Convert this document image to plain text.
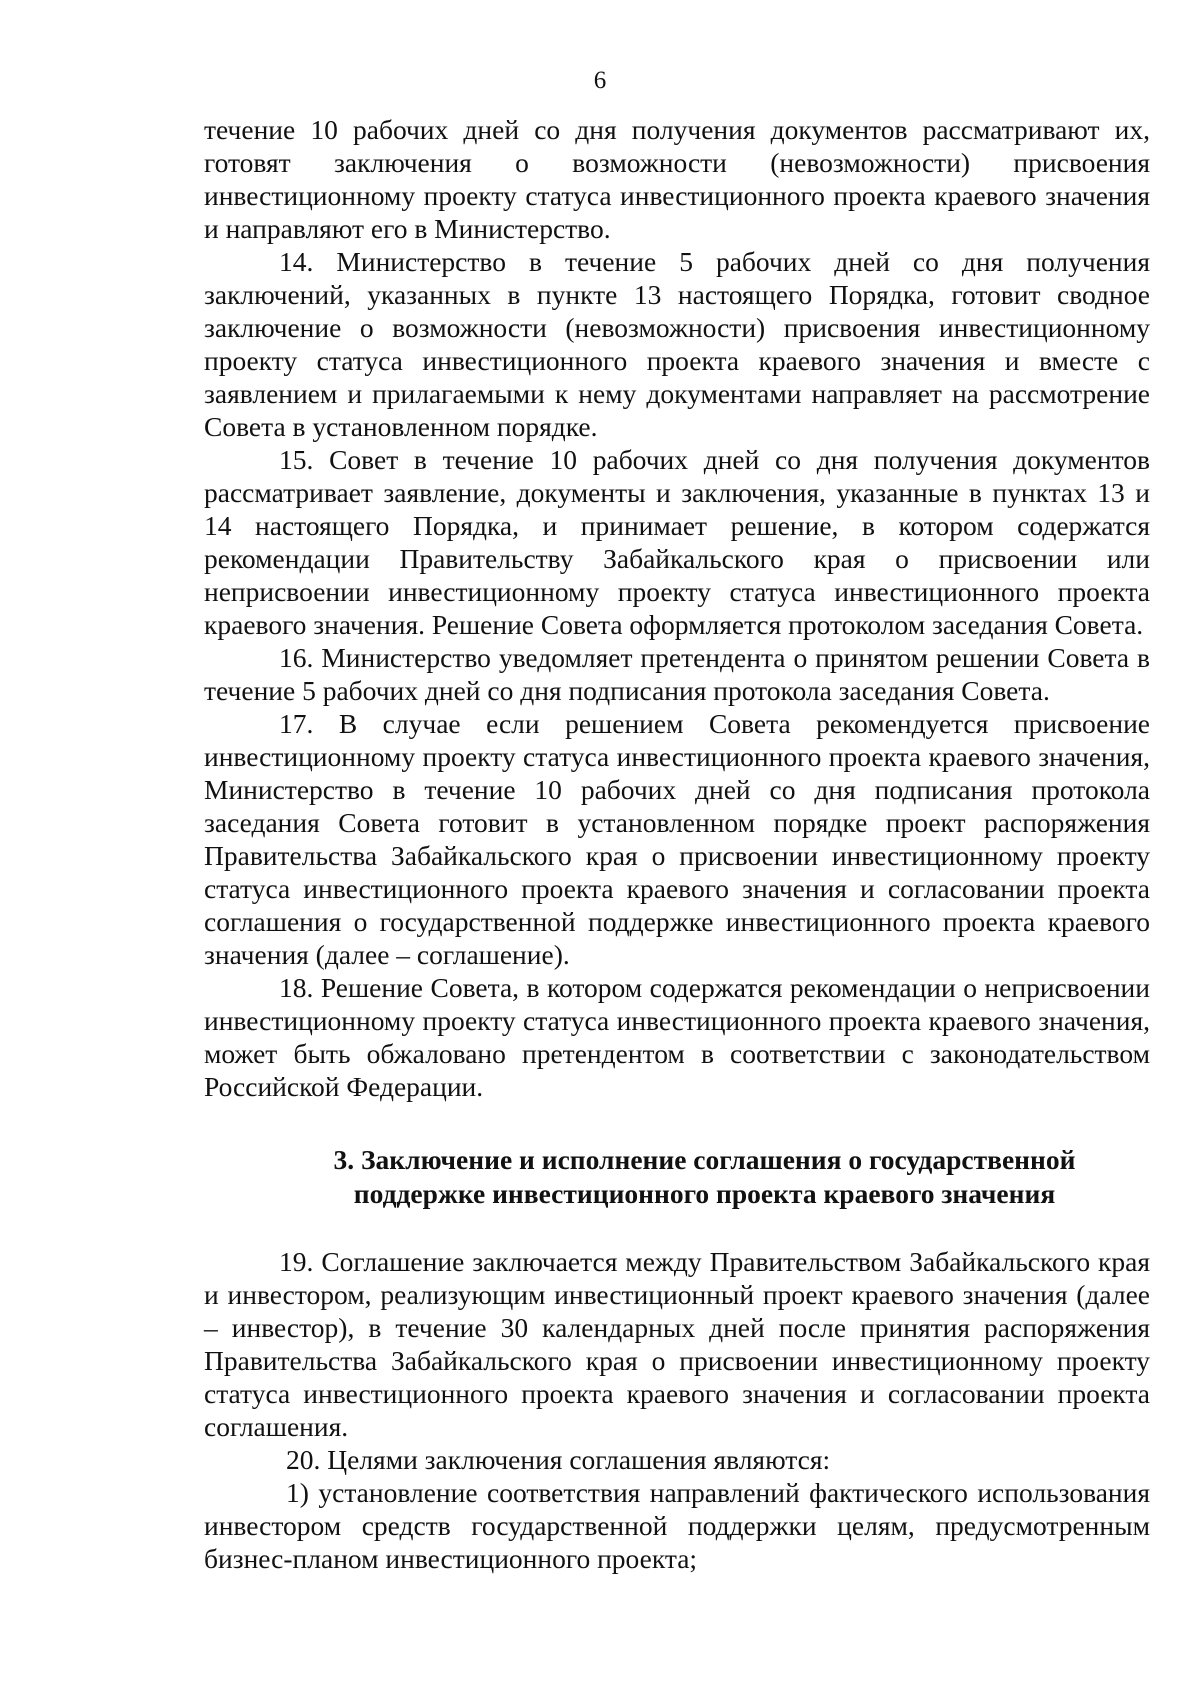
6

течение 10 рабочих дней со дня получения документов рассматривают их, готовят заключения о возможности (невозможности) присвоения инвестиционному проекту статуса инвестиционного проекта краевого значения и направляют его в Министерство.

14. Министерство в течение 5 рабочих дней со дня получения заключений, указанных в пункте 13 настоящего Порядка, готовит сводное заключение о возможности (невозможности) присвоения инвестиционному проекту статуса инвестиционного проекта краевого значения и вместе с заявлением и прилагаемыми к нему документами направляет на рассмотрение Совета в установленном порядке.

15. Совет в течение 10 рабочих дней со дня получения документов рассматривает заявление, документы и заключения, указанные в пунктах 13 и 14 настоящего Порядка, и принимает решение, в котором содержатся рекомендации Правительству Забайкальского края о присвоении или неприсвоении инвестиционному проекту статуса инвестиционного проекта краевого значения. Решение Совета оформляется протоколом заседания Совета.

16. Министерство уведомляет претендента о принятом решении Совета в течение 5 рабочих дней со дня подписания протокола заседания Совета.

17. В случае если решением Совета рекомендуется присвоение инвестиционному проекту статуса инвестиционного проекта краевого значения, Министерство в течение 10 рабочих дней со дня подписания протокола заседания Совета готовит в установленном порядке проект распоряжения Правительства Забайкальского края о присвоении инвестиционному проекту статуса инвестиционного проекта краевого значения и согласовании проекта соглашения о государственной поддержке инвестиционного проекта краевого значения (далее – соглашение).

18. Решение Совета, в котором содержатся рекомендации о неприсвоении инвестиционному проекту статуса инвестиционного проекта краевого значения, может быть обжаловано претендентом в соответствии с законодательством Российской Федерации.

3. Заключение и исполнение соглашения о государственной
поддержке инвестиционного проекта краевого значения

19. Соглашение заключается между Правительством Забайкальского края и инвестором, реализующим инвестиционный проект краевого значения (далее – инвестор), в течение 30 календарных дней после принятия распоряжения Правительства Забайкальского края о присвоении инвестиционному проекту статуса инвестиционного проекта краевого значения и согласовании проекта соглашения.

20. Целями заключения соглашения являются:

1) установление соответствия направлений фактического использования инвестором средств государственной поддержки целям, предусмотренным бизнес-планом инвестиционного проекта;
